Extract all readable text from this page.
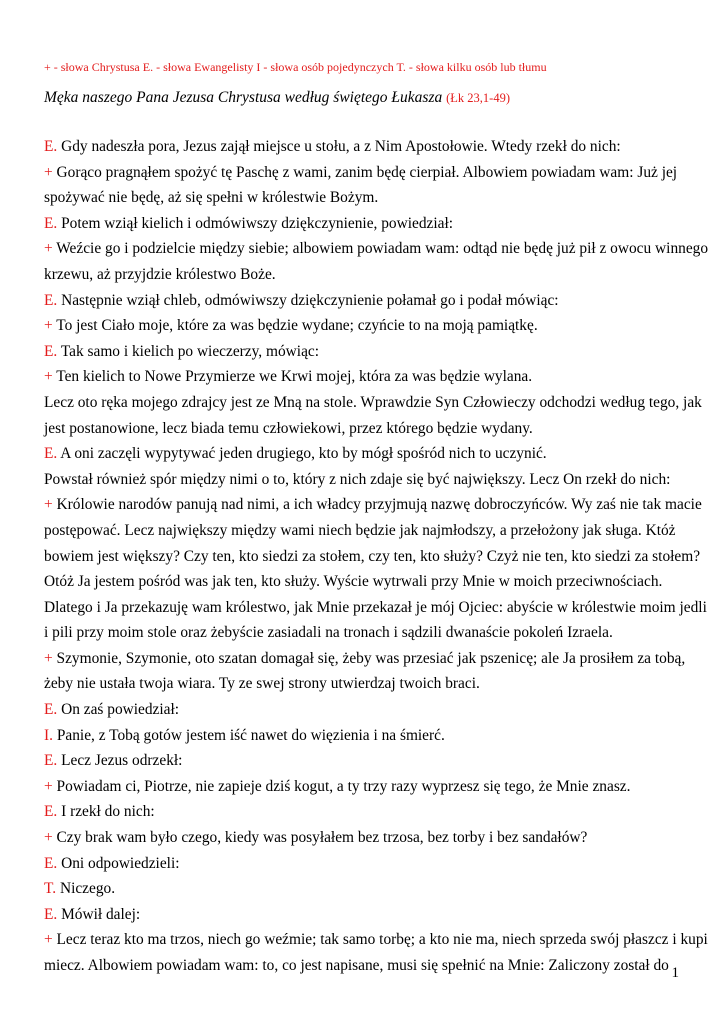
+ - słowa Chrystusa E. - słowa Ewangelisty I - słowa osób pojedynczych T. - słowa kilku osób lub tłumu
Męka naszego Pana Jezusa Chrystusa według świętego Łukasza (Łk 23,1-49)
E. Gdy nadeszła pora, Jezus zajął miejsce u stołu, a z Nim Apostołowie. Wtedy rzekł do nich:
+ Gorąco pragnąłem spożyć tę Paschę z wami, zanim będę cierpiał. Albowiem powiadam wam: Już jej
spożywać nie będę, aż się spełni w królestwie Bożym.
E. Potem wziął kielich i odmówiwszy dziękczynienie, powiedział:
+ Weźcie go i podzielcie między siebie; albowiem powiadam wam: odtąd nie będę już pił z owocu winnego
krzewu, aż przyjdzie królestwo Boże.
E. Następnie wziął chleb, odmówiwszy dziękczynienie połamał go i podał mówiąc:
+ To jest Ciało moje, które za was będzie wydane; czyńcie to na moją pamiątkę.
E. Tak samo i kielich po wieczerzy, mówiąc:
+ Ten kielich to Nowe Przymierze we Krwi mojej, która za was będzie wylana.
Lecz oto ręka mojego zdrajcy jest ze Mną na stole. Wprawdzie Syn Człowieczy odchodzi według tego, jak
jest postanowione, lecz biada temu człowiekowi, przez którego będzie wydany.
E. A oni zaczęli wypytywać jeden drugiego, kto by mógł spośród nich to uczynić.
Powstał również spór między nimi o to, który z nich zdaje się być największy. Lecz On rzekł do nich:
+ Królowie narodów panują nad nimi, a ich władcy przyjmują nazwę dobroczyńców. Wy zaś nie tak macie
postępować. Lecz największy między wami niech będzie jak najmłodszy, a przełożony jak sługa. Któż
bowiem jest większy? Czy ten, kto siedzi za stołem, czy ten, kto służy? Czyż nie ten, kto siedzi za stołem?
Otóż Ja jestem pośród was jak ten, kto służy. Wyście wytrwali przy Mnie w moich przeciwnościach.
Dlatego i Ja przekazuję wam królestwo, jak Mnie przekazał je mój Ojciec: abyście w królestwie moim jedli
i pili przy moim stole oraz żebyście zasiadali na tronach i sądzili dwanaście pokoleń Izraela.
+ Szymonie, Szymonie, oto szatan domagał się, żeby was przesiać jak pszenicę; ale Ja prosiłem za tobą,
żeby nie ustała twoja wiara. Ty ze swej strony utwierdzaj twoich braci.
E. On zaś powiedział:
I. Panie, z Tobą gotów jestem iść nawet do więzienia i na śmierć.
E. Lecz Jezus odrzekł:
+ Powiadam ci, Piotrze, nie zapieje dziś kogut, a ty trzy razy wyprzesz się tego, że Mnie znasz.
E. I rzekł do nich:
+ Czy brak wam było czego, kiedy was posyłałem bez trzosa, bez torby i bez sandałów?
E. Oni odpowiedzieli:
T. Niczego.
E. Mówił dalej:
+ Lecz teraz kto ma trzos, niech go weźmie; tak samo torbę; a kto nie ma, niech sprzeda swój płaszcz i kupi
miecz. Albowiem powiadam wam: to, co jest napisane, musi się spełnić na Mnie: Zaliczony został do 1
